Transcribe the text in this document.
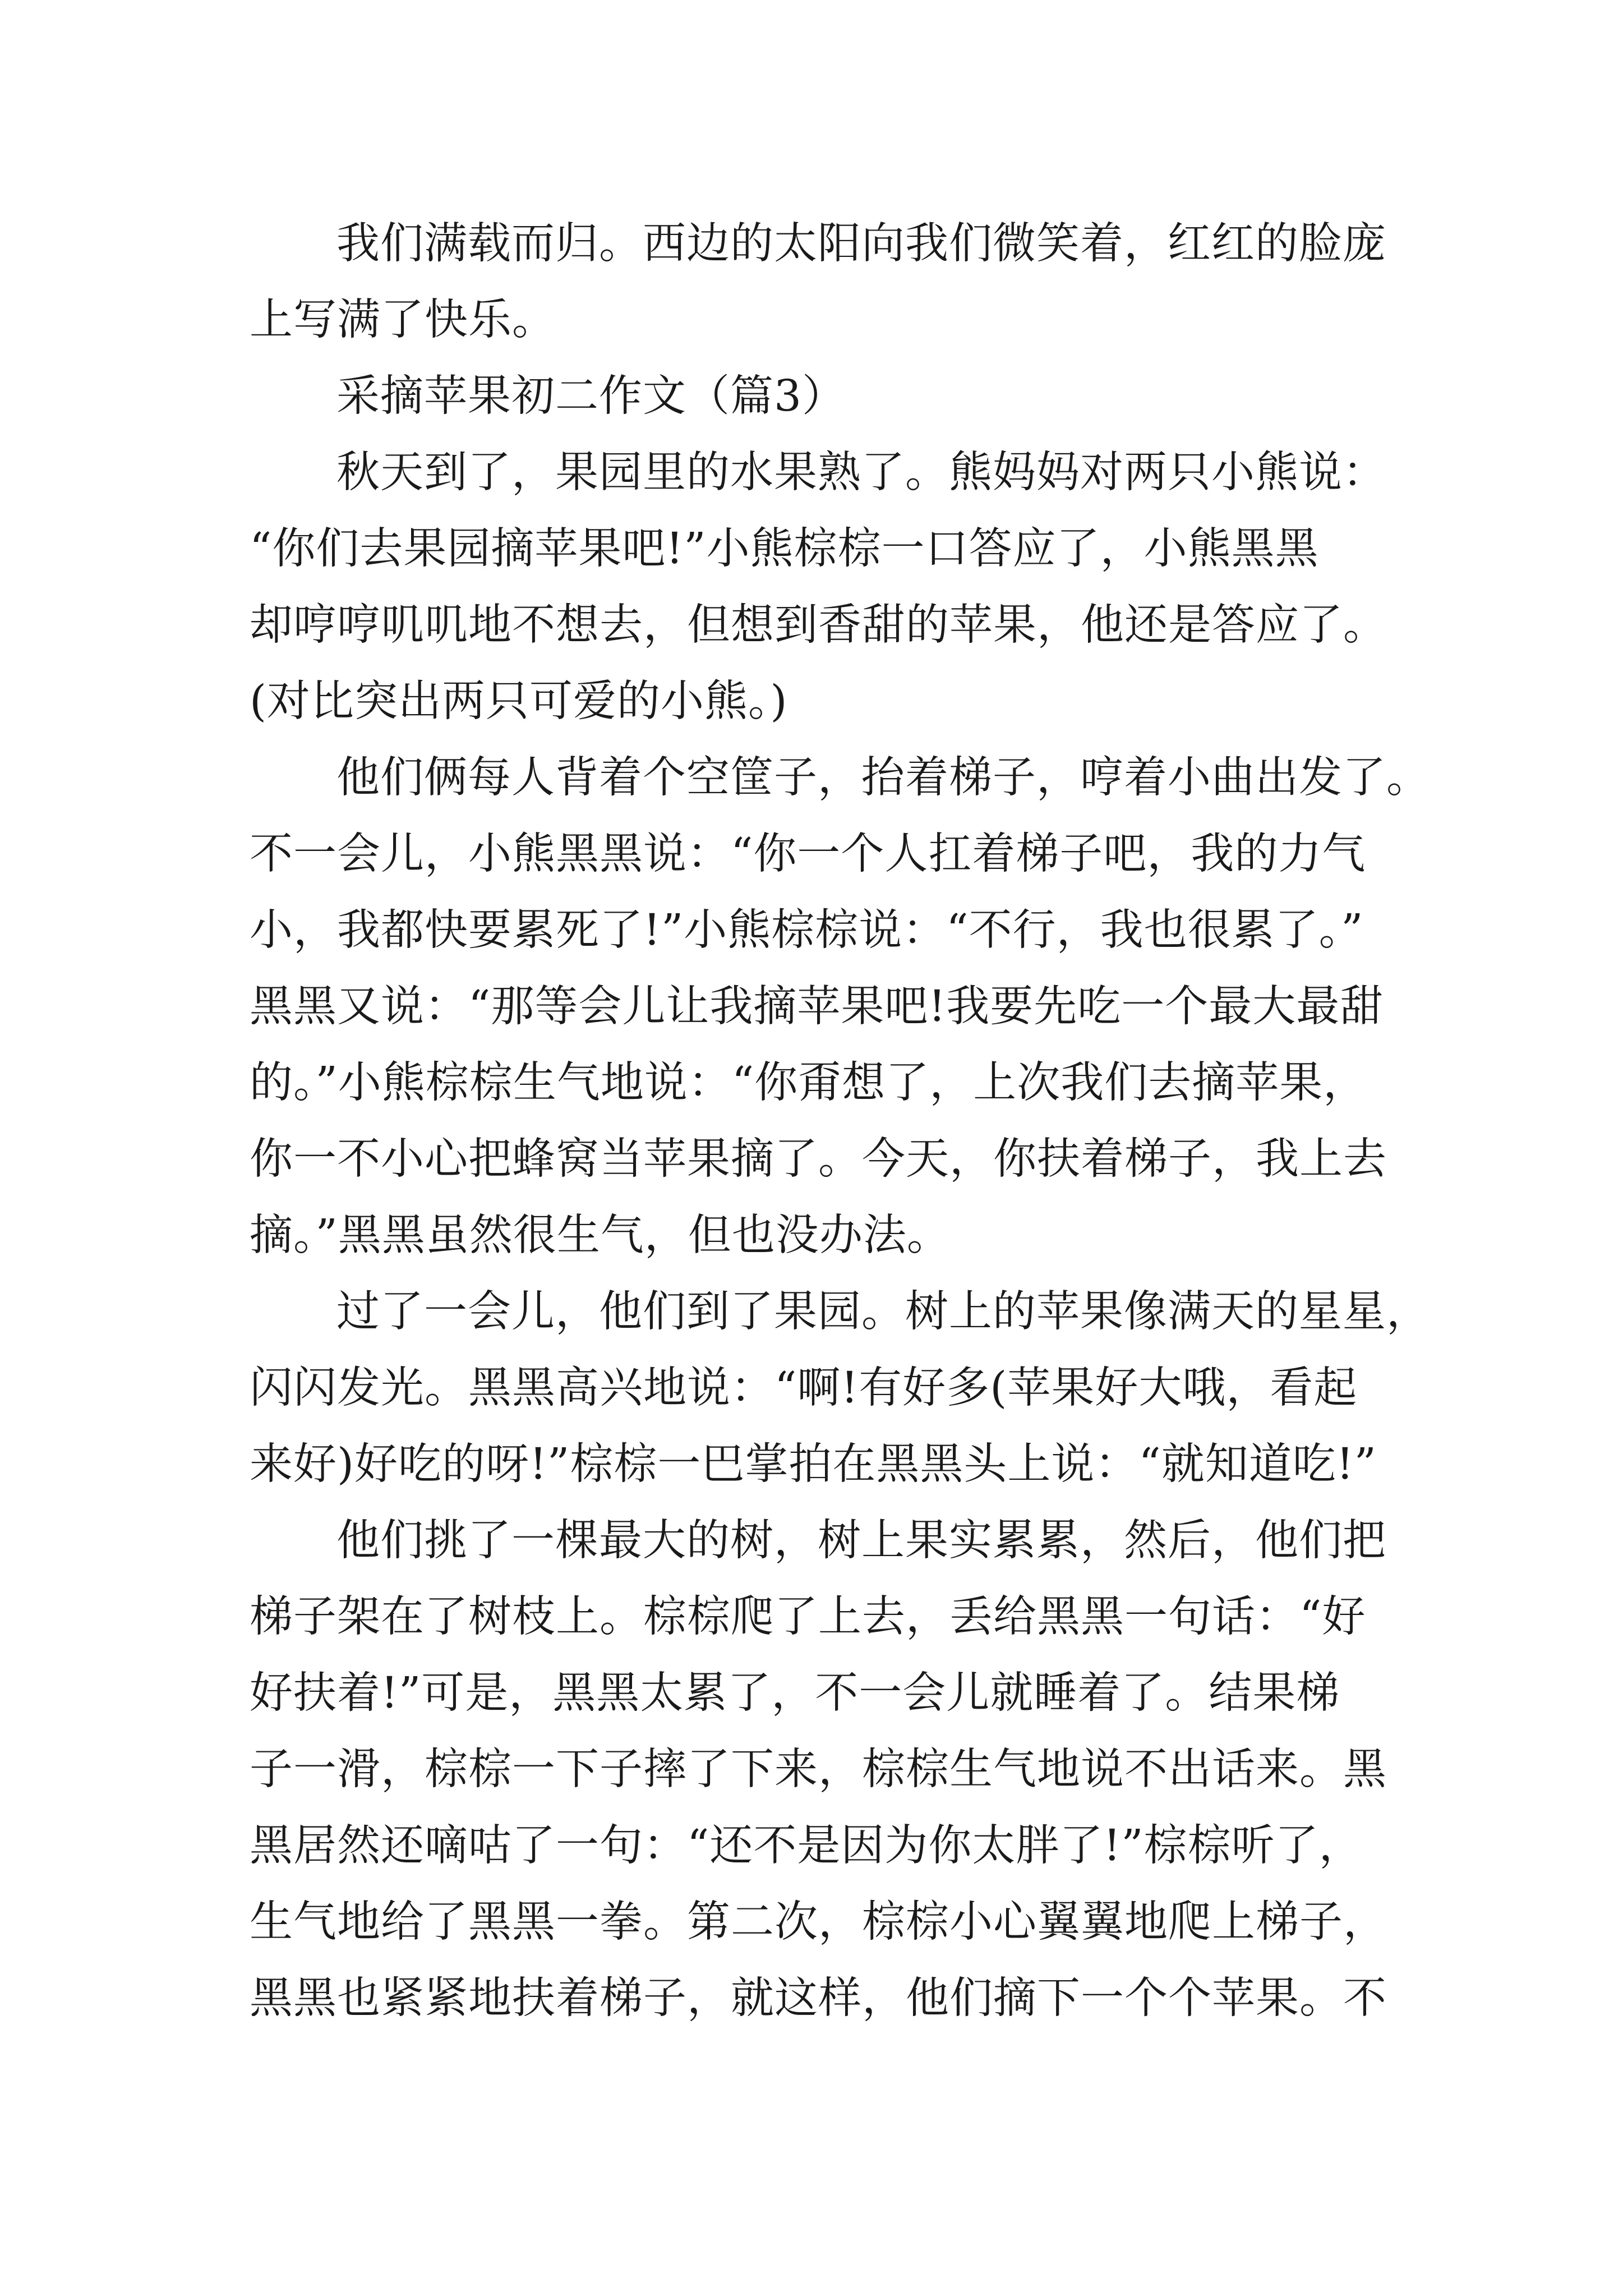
我们满载而归。西边的太阳向我们微笑着，红红的脸庞

上写满了快乐。

采摘苹果初二作文（篇3）

秋天到了，果园里的水果熟了。熊妈妈对两只小熊说：

“你们去果园摘苹果吧!”小熊棕棕一口答应了，小熊黑黑

却哼哼叽叽地不想去，但想到香甜的苹果，他还是答应了。

(对比突出两只可爱的小熊。)

他们俩每人背着个空筐子，抬着梯子，哼着小曲出发了。

不一会儿，小熊黑黑说：“你一个人扛着梯子吧，我的力气

小，我都快要累死了!”小熊棕棕说：“不行，我也很累了。”

黑黑又说：“那等会儿让我摘苹果吧!我要先吃一个最大最甜

的。”小熊棕棕生气地说：“你甭想了，上次我们去摘苹果，

你一不小心把蜂窝当苹果摘了。今天，你扶着梯子，我上去

摘。”黑黑虽然很生气，但也没办法。

过了一会儿，他们到了果园。树上的苹果像满天的星星，

闪闪发光。黑黑高兴地说：“啊!有好多(苹果好大哦，看起

来好)好吃的呀!”棕棕一巴掌拍在黑黑头上说：“就知道吃!”

他们挑了一棵最大的树，树上果实累累，然后，他们把

梯子架在了树枝上。棕棕爬了上去，丢给黑黑一句话：“好

好扶着!”可是，黑黑太累了，不一会儿就睡着了。结果梯

子一滑，棕棕一下子摔了下来，棕棕生气地说不出话来。黑

黑居然还嘀咕了一句：“还不是因为你太胖了!”棕棕听了，

生气地给了黑黑一拳。第二次，棕棕小心翼翼地爬上梯子，

黑黑也紧紧地扶着梯子，就这样，他们摘下一个个苹果。不
